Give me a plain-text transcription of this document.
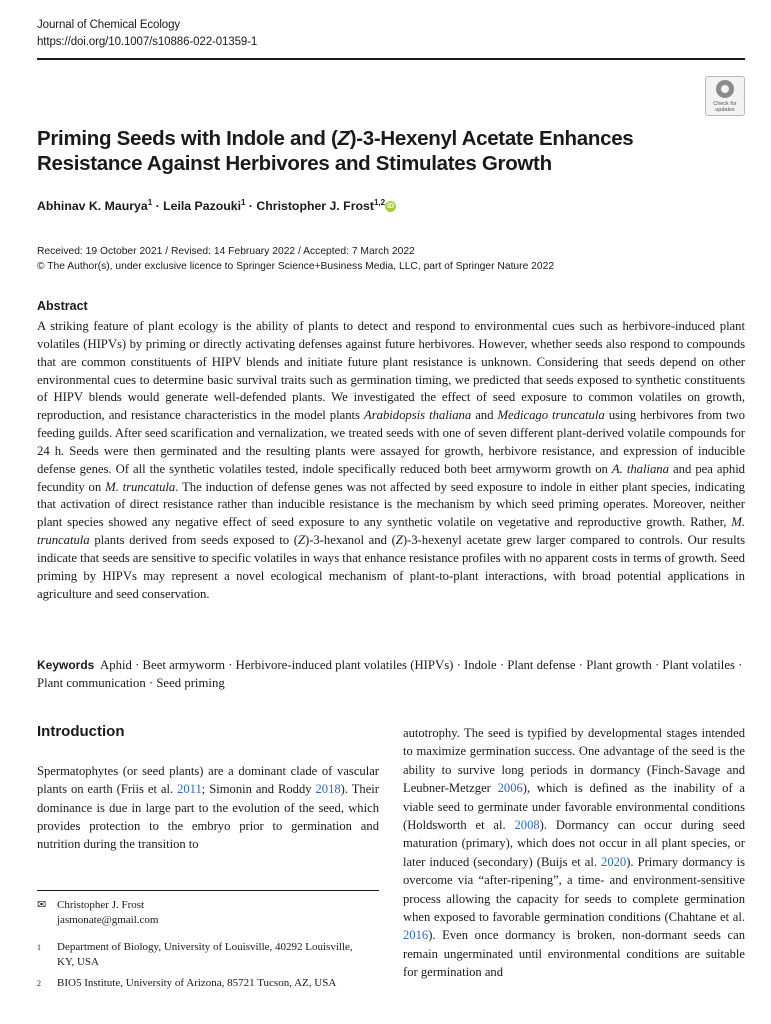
Journal of Chemical Ecology
https://doi.org/10.1007/s10886-022-01359-1
Check for
updates
Priming Seeds with Indole and (Z)-3-Hexenyl Acetate Enhances
Resistance Against Herbivores and Stimulates Growth
Abhinav K. Maurya$^1$ · Leila Pazouki$^1$ · Christopher J. Frost$^{1,2}$ iD
Received: 19 October 2021 / Revised: 14 February 2022 / Accepted: 7 March 2022
© The Author(s), under exclusive licence to Springer Science+Business Media, LLC, part of Springer Nature 2022
Abstract
A striking feature of plant ecology is the ability of plants to detect and respond to environmental cues such as herbivore-induced plant volatiles (HIPVs) by priming or directly activating defenses against future herbivores. However, whether seeds also respond to compounds that are common constituents of HIPV blends and initiate future plant resistance is unknown. Considering that seeds depend on other environmental cues to determine basic survival traits such as germination timing, we predicted that seeds exposed to synthetic constituents of HIPV blends would generate well-defended plants. We investigated the effect of seed exposure to common volatiles on growth, reproduction, and resistance characteristics in the model plants Arabidopsis thaliana and Medicago truncatula using herbivores from two feeding guilds. After seed scarification and vernalization, we treated seeds with one of seven different plant-derived volatile compounds for 24 h. Seeds were then germinated and the resulting plants were assayed for growth, herbivore resistance, and expression of inducible defense genes. Of all the synthetic volatiles tested, indole specifically reduced both beet armyworm growth on A. thaliana and pea aphid fecundity on M. truncatula. The induction of defense genes was not affected by seed exposure to indole in either plant species, indicating that activation of direct resistance rather than inducible resistance is the mechanism by which seed priming operates. Moreover, neither plant species showed any negative effect of seed exposure to any synthetic volatile on vegetative and reproductive growth. Rather, M. truncatula plants derived from seeds exposed to (Z)-3-hexanol and (Z)-3-hexenyl acetate grew larger compared to controls. Our results indicate that seeds are sensitive to specific volatiles in ways that enhance resistance profiles with no apparent costs in terms of growth. Seed priming by HIPVs may represent a novel ecological mechanism of plant-to-plant interactions, with broad potential applications in agriculture and seed conservation.
Keywords Aphid · Beet armyworm · Herbivore-induced plant volatiles (HIPVs) · Indole · Plant defense · Plant growth · Plant volatiles · Plant communication · Seed priming
Introduction
Spermatophytes (or seed plants) are a dominant clade of vascular plants on earth (Friis et al. 2011; Simonin and Roddy 2018). Their dominance is due in large part to the evolution of the seed, which provides protection to the embryo prior to germination and nutrition during the transition to
autotrophy. The seed is typified by developmental stages intended to maximize germination success. One advantage of the seed is the ability to survive long periods in dormancy (Finch-Savage and Leubner-Metzger 2006), which is defined as the inability of a viable seed to germinate under favorable environmental conditions (Holdsworth et al. 2008). Dormancy can occur during seed maturation (primary), which does not occur in all plant species, or later induced (secondary) (Buijs et al. 2020). Primary dormancy is overcome via “after-ripening”, a time- and environment-sensitive process allowing the capacity for seeds to complete germination when exposed to favorable germination conditions (Chahtane et al. 2016). Even once dormancy is broken, non-dormant seeds can remain ungerminated until environmental conditions are suitable for germination and
✉ Christopher J. Frost
jasmonate@gmail.com
1 Department of Biology, University of Louisville, 40292 Louisville, KY, USA
2 BIO5 Institute, University of Arizona, 85721 Tucson, AZ, USA
